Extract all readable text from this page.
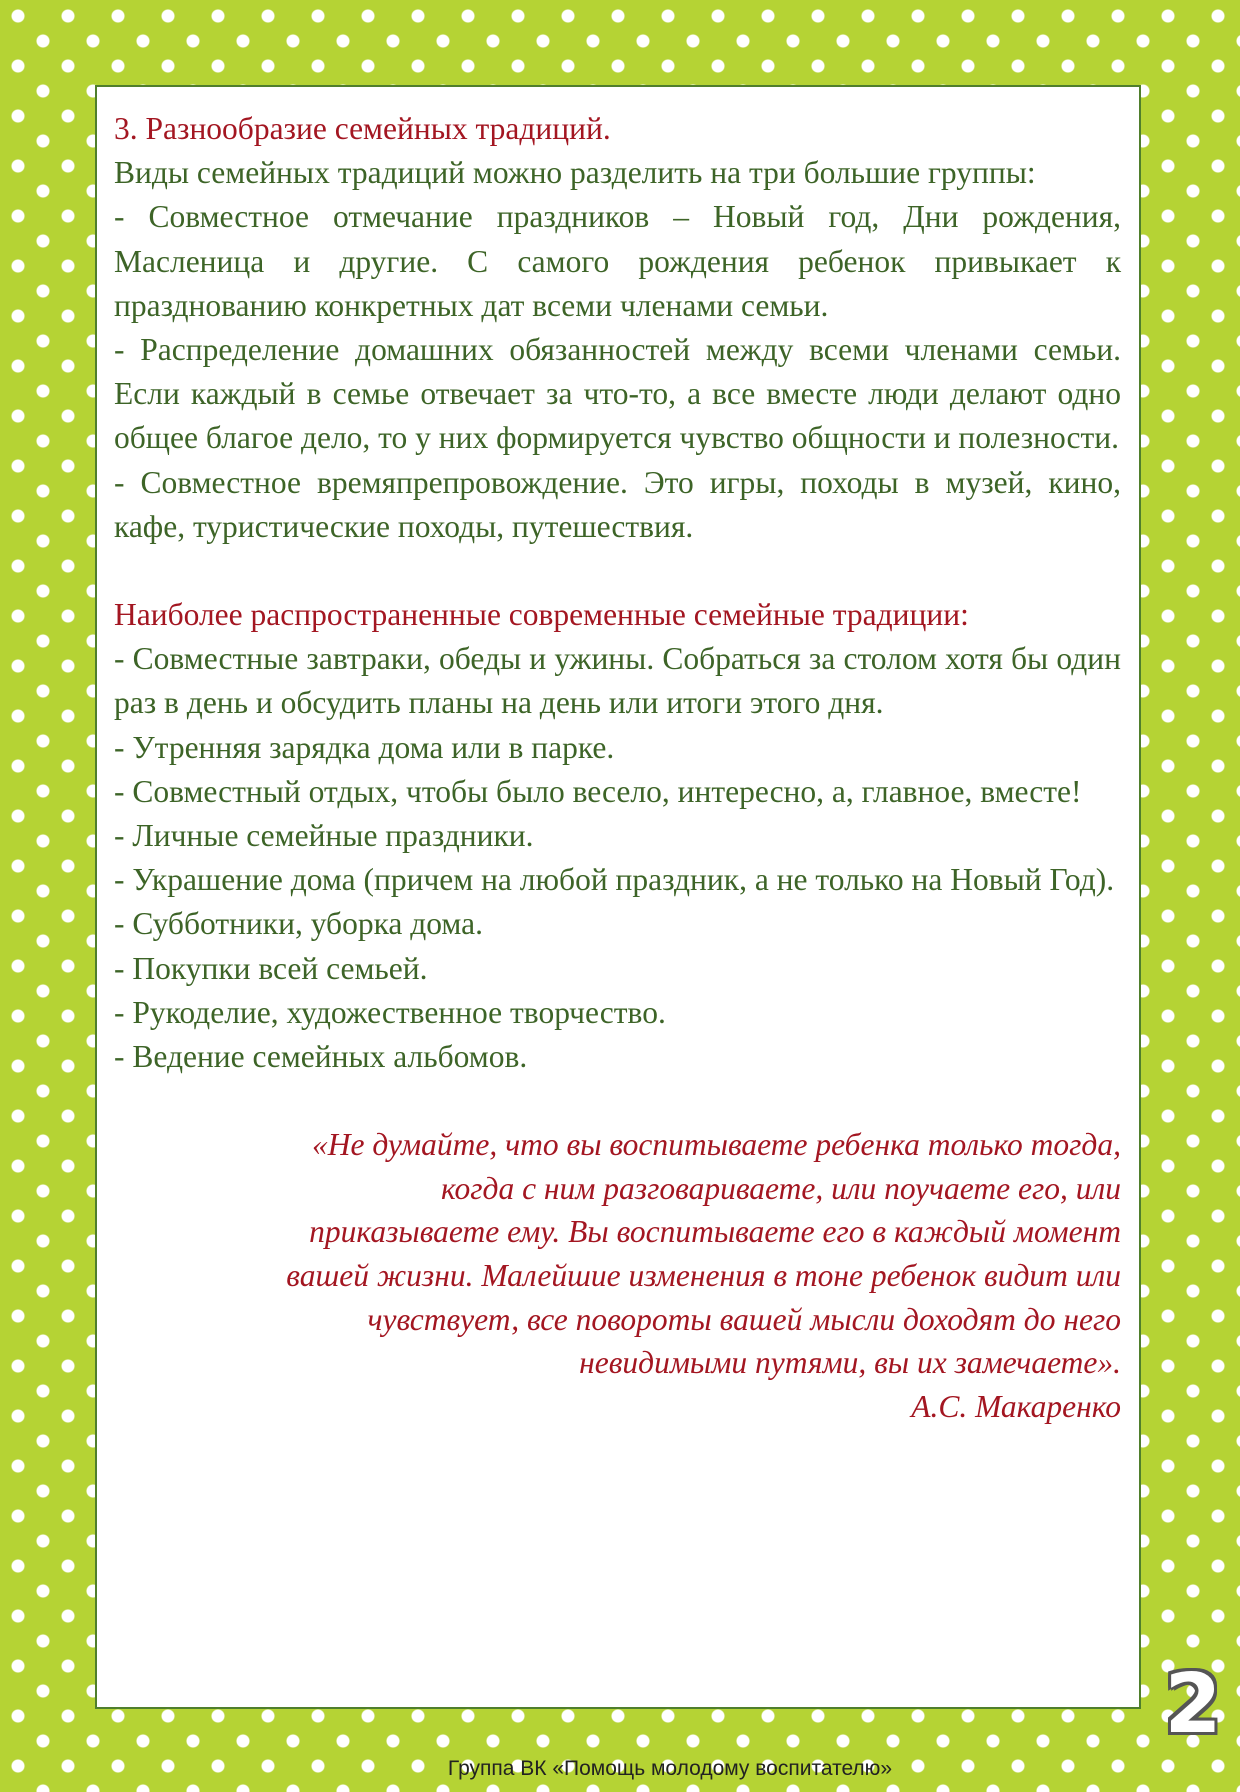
3. Разнообразие семейных традиций.

Виды семейных традиций можно разделить на три большие группы:

- Совместное отмечание праздников – Новый год, Дни рождения, Масленица и другие. С самого рождения ребенок привыкает к празднованию конкретных дат всеми членами семьи.

- Распределение домашних обязанностей между всеми членами семьи. Если каждый в семье отвечает за что-то, а все вместе люди делают одно общее благое дело, то у них формируется чувство общности и полезности.

- Совместное времяпрепровождение. Это игры, походы в музей, кино, кафе, туристические походы, путешествия.

Наиболее распространенные современные семейные традиции:

- Совместные завтраки, обеды и ужины. Собраться за столом хотя бы один раз в день и обсудить планы на день или итоги этого дня.

- Утренняя зарядка дома или в парке.

- Совместный отдых, чтобы было весело, интересно, а, главное, вместе!

- Личные семейные праздники.

- Украшение дома (причем на любой праздник, а не только на Новый Год).

- Субботники, уборка дома.

- Покупки всей семьей.

- Рукоделие, художественное творчество.

- Ведение семейных альбомов.

«Не думайте, что вы воспитываете ребенка только тогда,
когда с ним разговариваете, или поучаете его, или
приказываете ему. Вы воспитываете его в каждый момент
вашей жизни. Малейшие изменения в тоне ребенок видит или
чувствует, все повороты вашей мысли доходят до него
невидимыми путями, вы их замечаете».
А.С. Макаренко
2
Группа ВК «Помощь молодому воспитателю»
